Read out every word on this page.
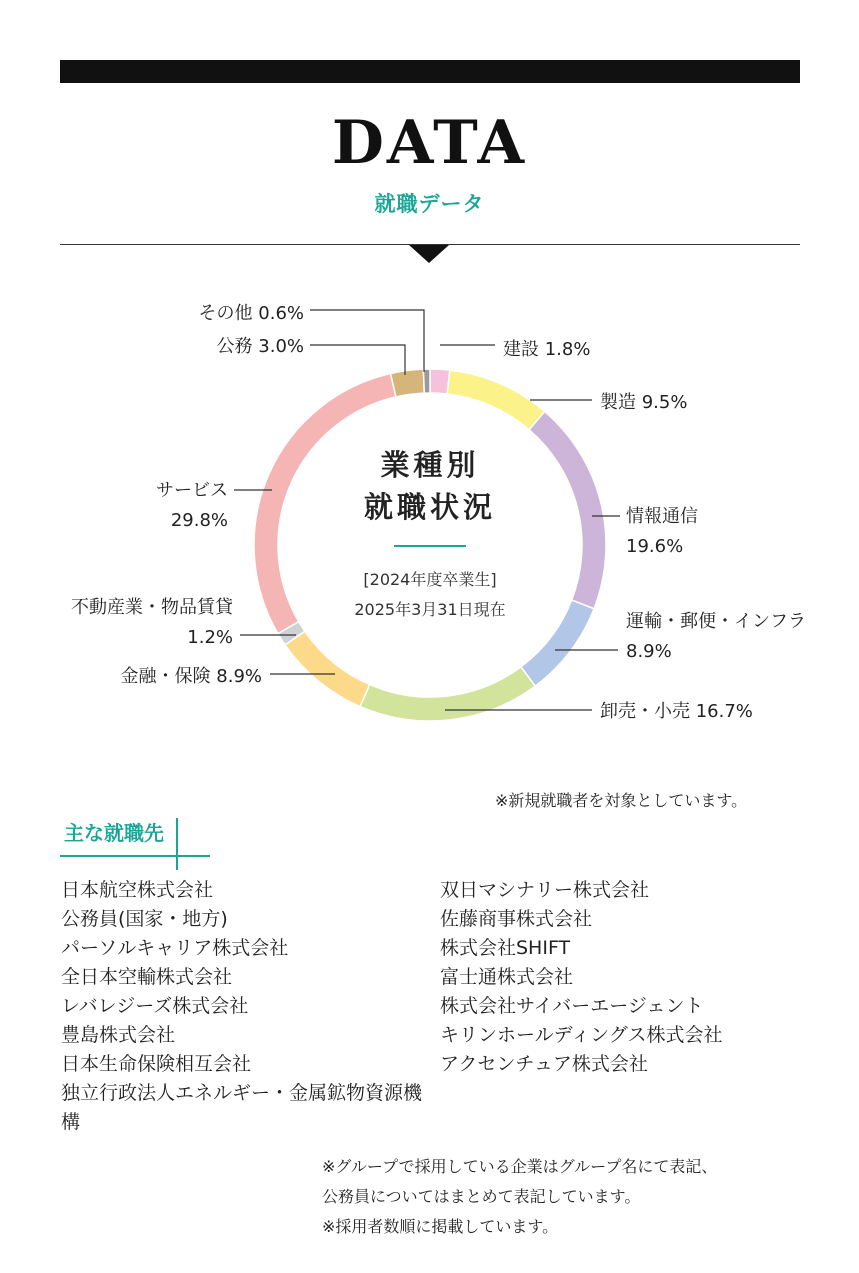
DATA
就職データ
建設 1.8%
製造 9.5%
情報通信 19.6%
運輸・郵便・インフラ 8.9%
卸売・小売 16.7%
金融・保険 8.9%
不動産業・物品賃貸 1.2%
サービス 29.8%
公務 3.0%
その他 0.6%
業種別
就職状況
[2024年度卒業生]
2025年3月31日現在
※新規就職者を対象としています。
主な就職先
日本航空株式会社
公務員(国家・地方)
パーソルキャリア株式会社
全日本空輸株式会社
レバレジーズ株式会社
豊島株式会社
日本生命保険相互会社
独立行政法人エネルギー・金属鉱物資源機構
双日マシナリー株式会社
佐藤商事株式会社
株式会社SHIFT
富士通株式会社
株式会社サイバーエージェント
キリンホールディングス株式会社
アクセンチュア株式会社
※グループで採用している企業はグループ名にて表記、
公務員についてはまとめて表記しています。
※採用者数順に掲載しています。
